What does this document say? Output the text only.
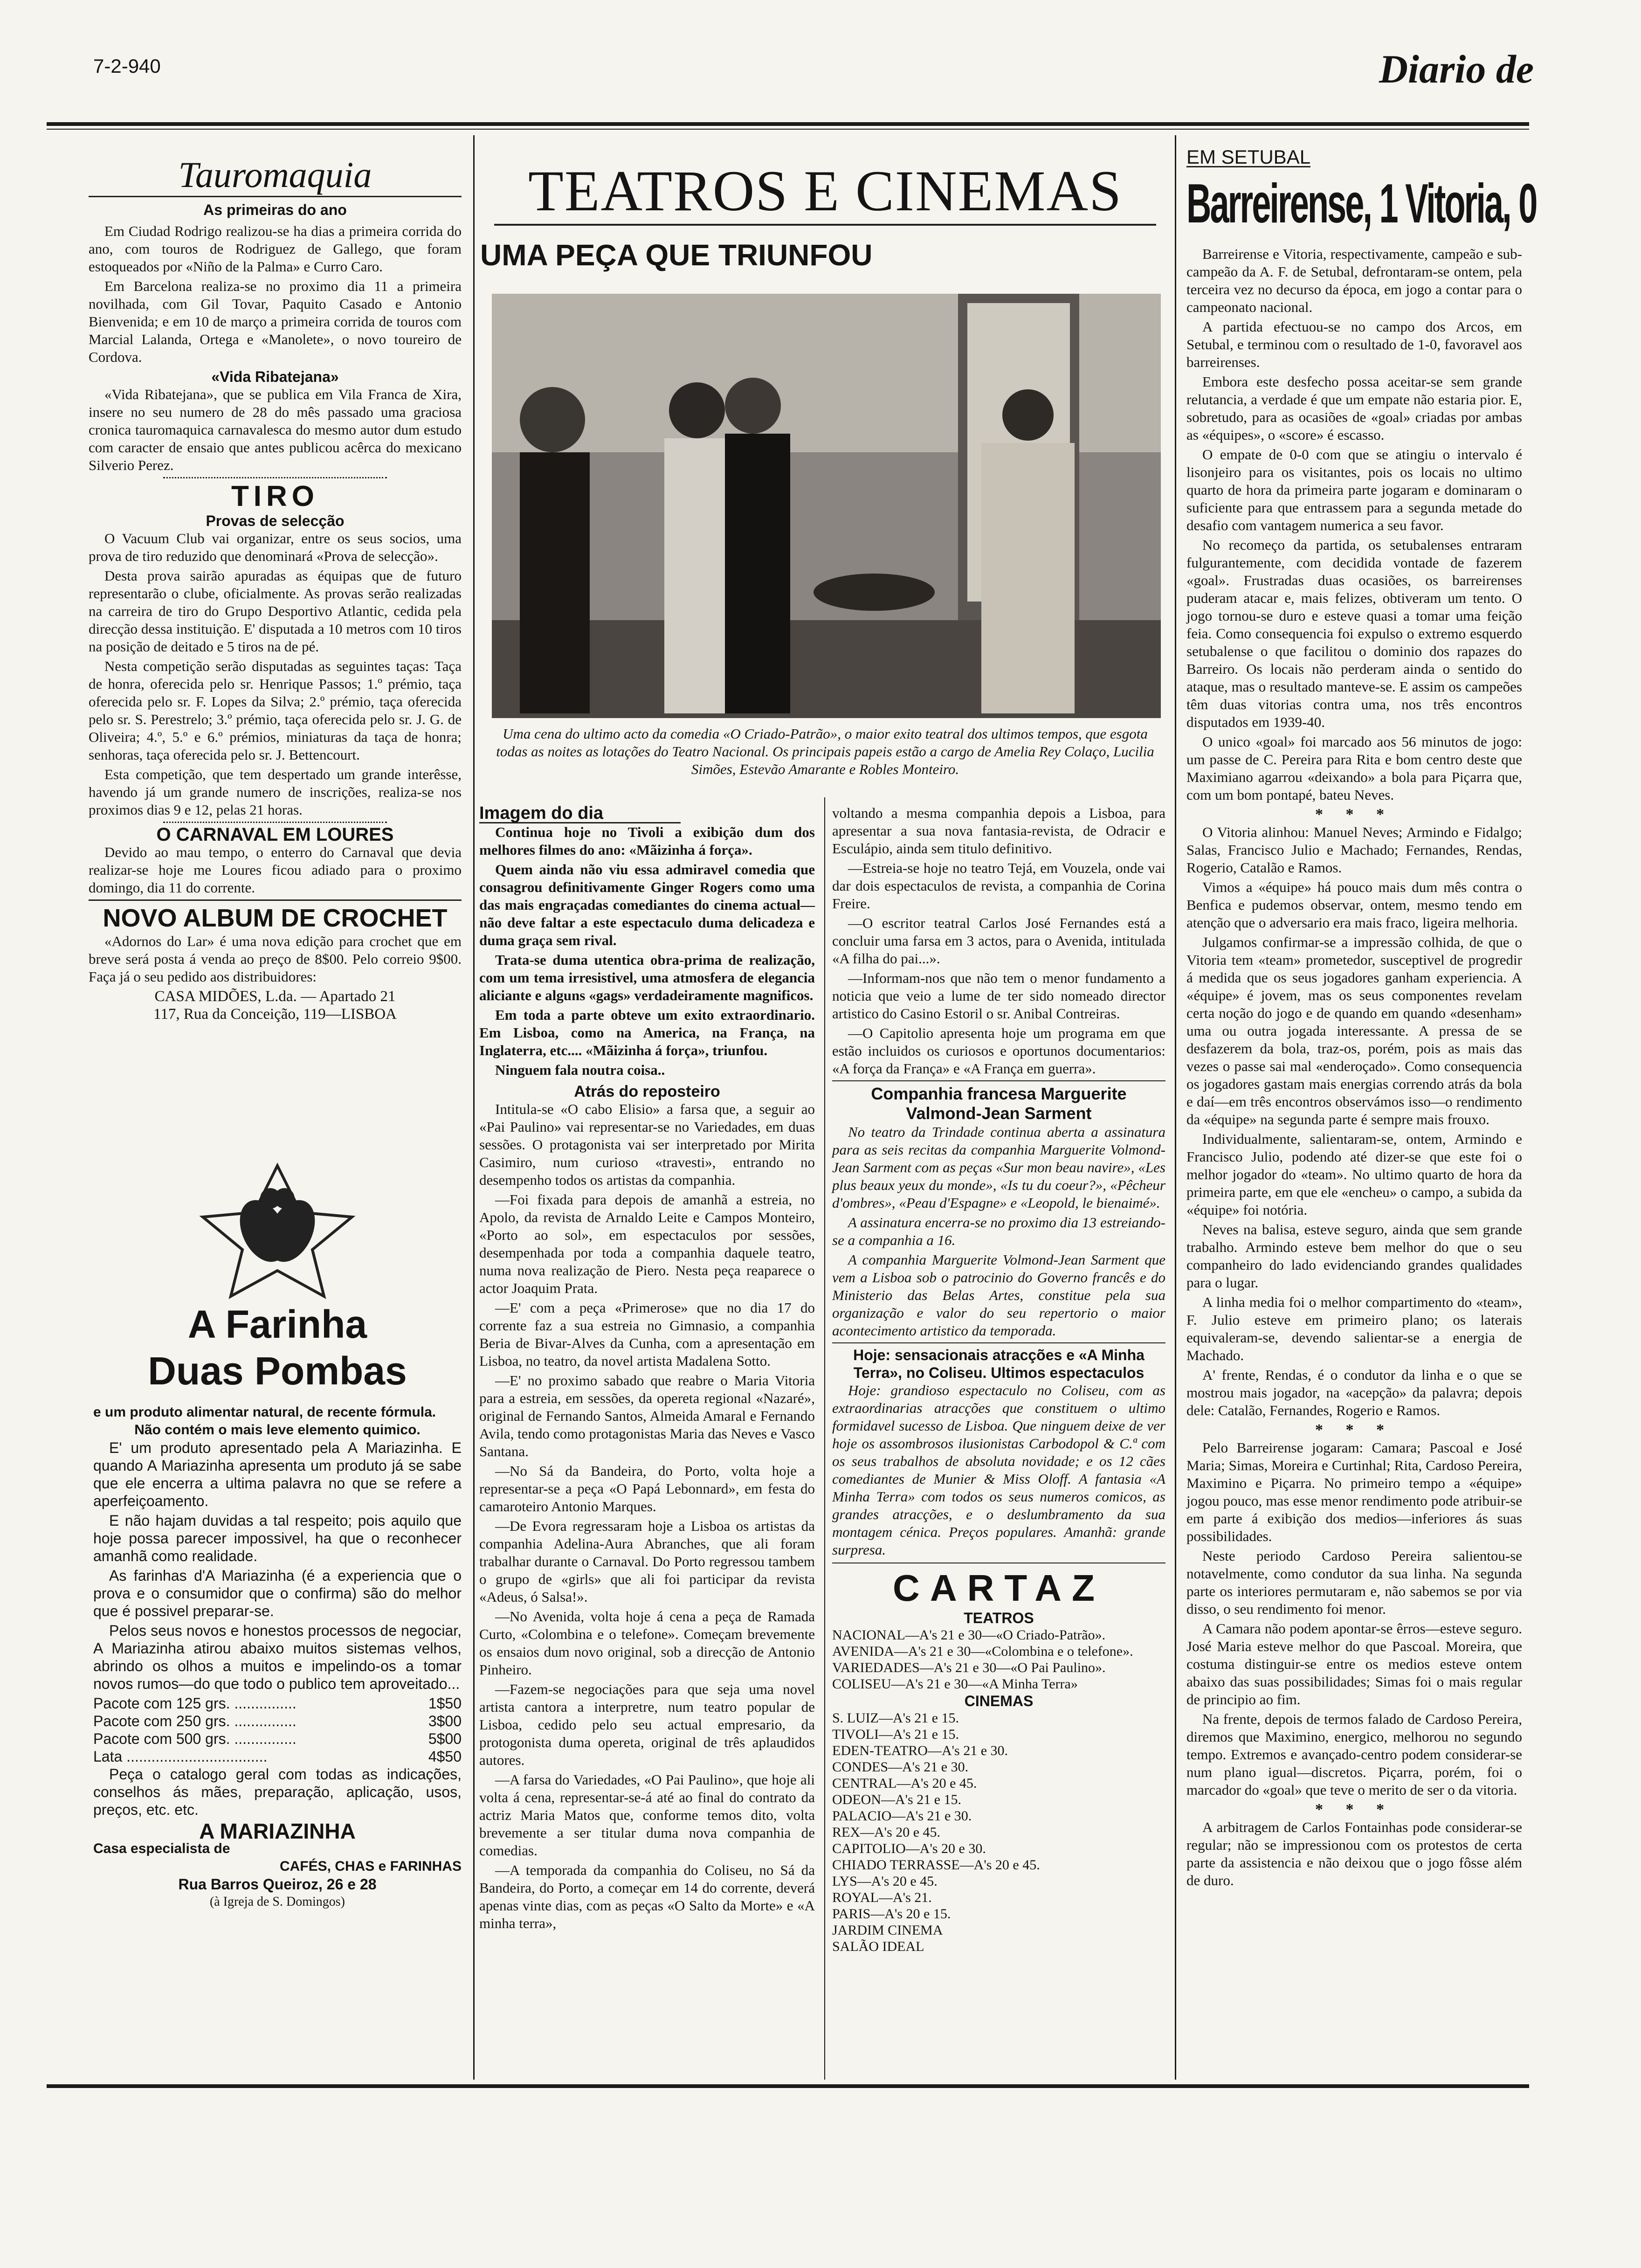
7-2-940	Diario de
Tauromaquia
As primeiras do ano

Em Ciudad Rodrigo realizou-se ha dias a primeira corrida do ano, com touros de Rodriguez de Gallego, que foram estoqueados por «Niño de la Palma» e Curro Caro.

Em Barcelona realiza-se no proximo dia 11 a primeira novilhada, com Gil Tovar, Paquito Casado e Antonio Bienvenida; e em 10 de março a primeira corrida de touros com Marcial Lalanda, Ortega e «Manolete», o novo toureiro de Cordova.

«Vida Ribatejana»

«Vida Ribatejana», que se publica em Vila Franca de Xira, insere no seu numero de 28 do mês passado uma graciosa cronica tauromaquica carnavalesca do mesmo autor dum estudo com caracter de ensaio que antes publicou acêrca do mexicano Silverio Perez.

TIRO
Provas de selecção

O Vacuum Club vai organizar, entre os seus socios, uma prova de tiro reduzido que denominará «Prova de selecção».

Desta prova sairão apuradas as équipas que de futuro representarão o clube, oficialmente. As provas serão realizadas na carreira de tiro do Grupo Desportivo Atlantic, cedida pela direcção dessa instituição. E' disputada a 10 metros com 10 tiros na posição de deitado e 5 tiros na de pé.

Nesta competição serão disputadas as seguintes taças: Taça de honra, oferecida pelo sr. Henrique Passos; 1.º prémio, taça oferecida pelo sr. F. Lopes da Silva; 2.º prémio, taça oferecida pelo sr. S. Perestrelo; 3.º prémio, taça oferecida pelo sr. J. G. de Oliveira; 4.º, 5.º e 6.º prémios, miniaturas da taça de honra; senhoras, taça oferecida pelo sr. J. Bettencourt.

Esta competição, que tem despertado um grande interêsse, havendo já um grande numero de inscrições, realiza-se nos proximos dias 9 e 12, pelas 21 horas.

O CARNAVAL EM LOURES

Devido ao mau tempo, o enterro do Carnaval que devia realizar-se hoje me Loures ficou adiado para o proximo domingo, dia 11 do corrente.

NOVO ALBUM DE CROCHET

«Adornos do Lar» é uma nova edição para crochet que em breve será posta á venda ao preço de 8$00. Pelo correio 9$00. Faça já o seu pedido aos distribuidores:

CASA MIDÕES, L.da. — Apartado 21
117, Rua da Conceição, 119—LISBOA
A Farinha
Duas Pombas
e um produto alimentar natural, de recente fórmula.
Não contém o mais leve elemento quimico.

E' um produto apresentado pela A Mariazinha. E quando A Mariazinha apresenta um produto já se sabe que ele encerra a ultima palavra no que se refere a aperfeiçoamento.

E não hajam duvidas a tal respeito; pois aquilo que hoje possa parecer impossivel, ha que o reconhecer amanhã como realidade.

As farinhas d'A Mariazinha (é a experiencia que o prova e o consumidor que o confirma) são do melhor que é possivel preparar-se.

Pelos seus novos e honestos processos de negociar, A Mariazinha atirou abaixo muitos sistemas velhos, abrindo os olhos a muitos e impelindo-os a tomar novos rumos—do que todo o publico tem aproveitado...

Pacote com 125 grs. ...............	1$50
Pacote com 250 grs. ...............	3$00
Pacote com 500 grs. ...............	5$00
Lata ..................................	4$50

Peça o catalogo geral com todas as indicações, conselhos ás mães, preparação, aplicação, usos, preços, etc. etc.

A MARIAZINHA
Casa especialista de
CAFÉS, CHAS e FARINHAS
Rua Barros Queiroz, 26 e 28
(à Igreja de S. Domingos)
TEATROS E CINEMAS
UMA PEÇA QUE TRIUNFOU
Uma cena do ultimo acto da comedia «O Criado-Patrão», o maior exito teatral dos ultimos tempos, que esgota todas as noites as lotações do Teatro Nacional. Os principais papeis estão a cargo de Amelia Rey Colaço, Lucilia Simões, Estevão Amarante e Robles Monteiro.
Imagem do dia

Continua hoje no Tivoli a exibição dum dos melhores filmes do ano: «Mãizinha á força».

Quem ainda não viu essa admiravel comedia que consagrou definitivamente Ginger Rogers como uma das mais engraçadas comediantes do cinema actual—não deve faltar a este espectaculo duma delicadeza e duma graça sem rival.

Trata-se duma utentica obra-prima de realização, com um tema irresistivel, uma atmosfera de elegancia aliciante e alguns «gags» verdadeiramente magnificos.

Em toda a parte obteve um exito extraordinario. Em Lisboa, como na America, na França, na Inglaterra, etc.... «Mãizinha á força», triunfou.

Ninguem fala noutra coisa..

Atrás do reposteiro

Intitula-se «O cabo Elisio» a farsa que, a seguir ao «Pai Paulino» vai representar-se no Variedades, em duas sessões. O protagonista vai ser interpretado por Mirita Casimiro, num curioso «travesti», entrando no desempenho todos os artistas da companhia.

—Foi fixada para depois de amanhã a estreia, no Apolo, da revista de Arnaldo Leite e Campos Monteiro, «Porto ao sol», em espectaculos por sessões, desempenhada por toda a companhia daquele teatro, numa nova realização de Piero. Nesta peça reaparece o actor Joaquim Prata.

—E' com a peça «Primerose» que no dia 17 do corrente faz a sua estreia no Gimnasio, a companhia Beria de Bivar-Alves da Cunha, com a apresentação em Lisboa, no teatro, da novel artista Madalena Sotto.

—E' no proximo sabado que reabre o Maria Vitoria para a estreia, em sessões, da opereta regional «Nazaré», original de Fernando Santos, Almeida Amaral e Fernando Avila, tendo como protagonistas Maria das Neves e Vasco Santana.

—No Sá da Bandeira, do Porto, volta hoje a representar-se a peça «O Papá Lebonnard», em festa do camaroteiro Antonio Marques.

—De Evora regressaram hoje a Lisboa os artistas da companhia Adelina-Aura Abranches, que ali foram trabalhar durante o Carnaval. Do Porto regressou tambem o grupo de «girls» que ali foi participar da revista «Adeus, ó Salsa!».

—No Avenida, volta hoje á cena a peça de Ramada Curto, «Colombina e o telefone». Começam brevemente os ensaios dum novo original, sob a direcção de Antonio Pinheiro.

—Fazem-se negociações para que seja uma novel artista cantora a interpretre, num teatro popular de Lisboa, cedido pelo seu actual empresario, da protogonista duma opereta, original de três aplaudidos autores.

—A farsa do Variedades, «O Pai Paulino», que hoje ali volta á cena, representar-se-á até ao final do contrato da actriz Maria Matos que, conforme temos dito, volta brevemente a ser titular duma nova companhia de comedias.

—A temporada da companhia do Coliseu, no Sá da Bandeira, do Porto, a começar em 14 do corrente, deverá apenas vinte dias, com as peças «O Salto da Morte» e «A minha terra»,

voltando a mesma companhia depois a Lisboa, para apresentar a sua nova fantasia-revista, de Odracir e Esculápio, ainda sem titulo definitivo.

—Estreia-se hoje no teatro Tejá, em Vouzela, onde vai dar dois espectaculos de revista, a companhia de Corina Freire.

—O escritor teatral Carlos José Fernandes está a concluir uma farsa em 3 actos, para o Avenida, intitulada «A filha do pai...».

—Informam-nos que não tem o menor fundamento a noticia que veio a lume de ter sido nomeado director artistico do Casino Estoril o sr. Anibal Contreiras.

—O Capitolio apresenta hoje um programa em que estão incluidos os curiosos e oportunos documentarios: «A força da França» e «A França em guerra».

Companhia francesa Marguerite Valmond-Jean Sarment

No teatro da Trindade continua aberta a assinatura para as seis recitas da companhia Marguerite Volmond-Jean Sarment com as peças «Sur mon beau navire», «Les plus beaux yeux du monde», «Is tu du coeur?», «Pêcheur d'ombres», «Peau d'Espagne» e «Leopold, le bienaimé».

A assinatura encerra-se no proximo dia 13 estreiando-se a companhia a 16.

A companhia Marguerite Volmond-Jean Sarment que vem a Lisboa sob o patrocinio do Governo francês e do Ministerio das Belas Artes, constitue pela sua organização e valor do seu repertorio o maior acontecimento artistico da temporada.

Hoje: sensacionais atracções e «A Minha Terra», no Coliseu. Ultimos espectaculos

Hoje: grandioso espectaculo no Coliseu, com as extraordinarias atracções que constituem o ultimo formidavel sucesso de Lisboa. Que ninguem deixe de ver hoje os assombrosos ilusionistas Carbodopol & C.ª com os seus trabalhos de absoluta novidade; e os 12 cães comediantes de Munier & Miss Oloff. A fantasia «A Minha Terra» com todos os seus numeros comicos, as grandes atracções, e o deslumbramento da sua montagem cénica. Preços populares. Amanhã: grande surpresa.

CARTAZ
TEATROS
NACIONAL—A's 21 e 30—«O Criado-Patrão».
AVENIDA—A's 21 e 30—«Colombina e o telefone».
VARIEDADES—A's 21 e 30—«O Pai Paulino».
COLISEU—A's 21 e 30—«A Minha Terra»
CINEMAS
S. LUIZ—A's 21 e 15.
TIVOLI—A's 21 e 15.
EDEN-TEATRO—A's 21 e 30.
CONDES—A's 21 e 30.
CENTRAL—A's 20 e 45.
ODEON—A's 21 e 15.
PALACIO—A's 21 e 30.
REX—A's 20 e 45.
CAPITOLIO—A's 20 e 30.
CHIADO TERRASSE—A's 20 e 45.
LYS—A's 20 e 45.
ROYAL—A's 21.
PARIS—A's 20 e 15.
JARDIM CINEMA
SALÃO IDEAL
EM SETUBAL
Barreirense, 1 Vitoria, 0

Barreirense e Vitoria, respectivamente, campeão e sub-campeão da A. F. de Setubal, defrontaram-se ontem, pela terceira vez no decurso da época, em jogo a contar para o campeonato nacional.

A partida efectuou-se no campo dos Arcos, em Setubal, e terminou com o resultado de 1-0, favoravel aos barreirenses.

Embora este desfecho possa aceitar-se sem grande relutancia, a verdade é que um empate não estaria pior. E, sobretudo, para as ocasiões de «goal» criadas por ambas as «équipes», o «score» é escasso.

O empate de 0-0 com que se atingiu o intervalo é lisonjeiro para os visitantes, pois os locais no ultimo quarto de hora da primeira parte jogaram e dominaram o suficiente para que entrassem para a segunda metade do desafio com vantagem numerica a seu favor.

No recomeço da partida, os setubalenses entraram fulgurantemente, com decidida vontade de fazerem «goal». Frustradas duas ocasiões, os barreirenses puderam atacar e, mais felizes, obtiveram um tento. O jogo tornou-se duro e esteve quasi a tomar uma feição feia. Como consequencia foi expulso o extremo esquerdo setubalense o que facilitou o dominio dos rapazes do Barreiro. Os locais não perderam ainda o sentido do ataque, mas o resultado manteve-se. E assim os campeões têm duas vitorias contra uma, nos três encontros disputados em 1939-40.

O unico «goal» foi marcado aos 56 minutos de jogo: um passe de C. Pereira para Rita e bom centro deste que Maximiano agarrou «deixando» a bola para Piçarra que, com um bom pontapé, bateu Neves.

* * *

O Vitoria alinhou: Manuel Neves; Armindo e Fidalgo; Salas, Francisco Julio e Machado; Fernandes, Rendas, Rogerio, Catalão e Ramos.

Vimos a «équipe» há pouco mais dum mês contra o Benfica e pudemos observar, ontem, mesmo tendo em atenção que o adversario era mais fraco, ligeira melhoria.

Julgamos confirmar-se a impressão colhida, de que o Vitoria tem «team» prometedor, susceptivel de progredir á medida que os seus jogadores ganham experiencia. A «équipe» é jovem, mas os seus componentes revelam certa noção do jogo e de quando em quando «desenham» uma ou outra jogada interessante. A pressa de se desfazerem da bola, traz-os, porém, pois as mais das vezes o passe sai mal «enderoçado». Como consequencia os jogadores gastam mais energias correndo atrás da bola e daí—em três encontros observámos isso—o rendimento da «équipe» na segunda parte é sempre mais frouxo.

Individualmente, salientaram-se, ontem, Armindo e Francisco Julio, podendo até dizer-se que este foi o melhor jogador do «team». No ultimo quarto de hora da primeira parte, em que ele «encheu» o campo, a subida da «équipe» foi notória.

Neves na balisa, esteve seguro, ainda que sem grande trabalho. Armindo esteve bem melhor do que o seu companheiro do lado evidenciando grandes qualidades para o lugar.

A linha media foi o melhor compartimento do «team», F. Julio esteve em primeiro plano; os laterais equivaleram-se, devendo salientar-se a energia de Machado.

A' frente, Rendas, é o condutor da linha e o que se mostrou mais jogador, na «acepção» da palavra; depois dele: Catalão, Fernandes, Rogerio e Ramos.

* * *

Pelo Barreirense jogaram: Camara; Pascoal e José Maria; Simas, Moreira e Curtinhal; Rita, Cardoso Pereira, Maximino e Piçarra. No primeiro tempo a «équipe» jogou pouco, mas esse menor rendimento pode atribuir-se em parte á exibição dos medios—inferiores ás suas possibilidades.

Neste periodo Cardoso Pereira salientou-se notavelmente, como condutor da sua linha. Na segunda parte os interiores permutaram e, não sabemos se por via disso, o seu rendimento foi menor.

A Camara não podem apontar-se êrros—esteve seguro. José Maria esteve melhor do que Pascoal. Moreira, que costuma distinguir-se entre os medios esteve ontem abaixo das suas possibilidades; Simas foi o mais regular de principio ao fim.

Na frente, depois de termos falado de Cardoso Pereira, diremos que Maximino, energico, melhorou no segundo tempo. Extremos e avançado-centro podem considerar-se num plano igual—discretos. Piçarra, porém, foi o marcador do «goal» que teve o merito de ser o da vitoria.

* * *

A arbitragem de Carlos Fontainhas pode considerar-se regular; não se impressionou com os protestos de certa parte da assistencia e não deixou que o jogo fôsse além de duro.
